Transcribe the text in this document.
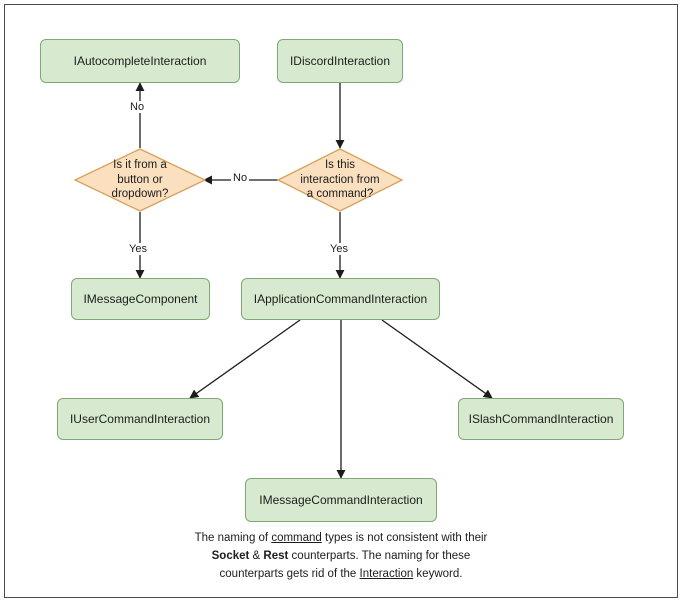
IAutocompleteInteraction	IDiscordInteraction
Is it from a button or dropdown?
Is this interaction from a command?
IMessageComponent	IApplicationCommandInteraction
IUserCommandInteraction	ISlashCommandInteraction
IMessageCommandInteraction
No
No
Yes	Yes
The naming of command types is not consistent with their
Socket & Rest counterparts. The naming for these
counterparts gets rid of the Interaction keyword.
